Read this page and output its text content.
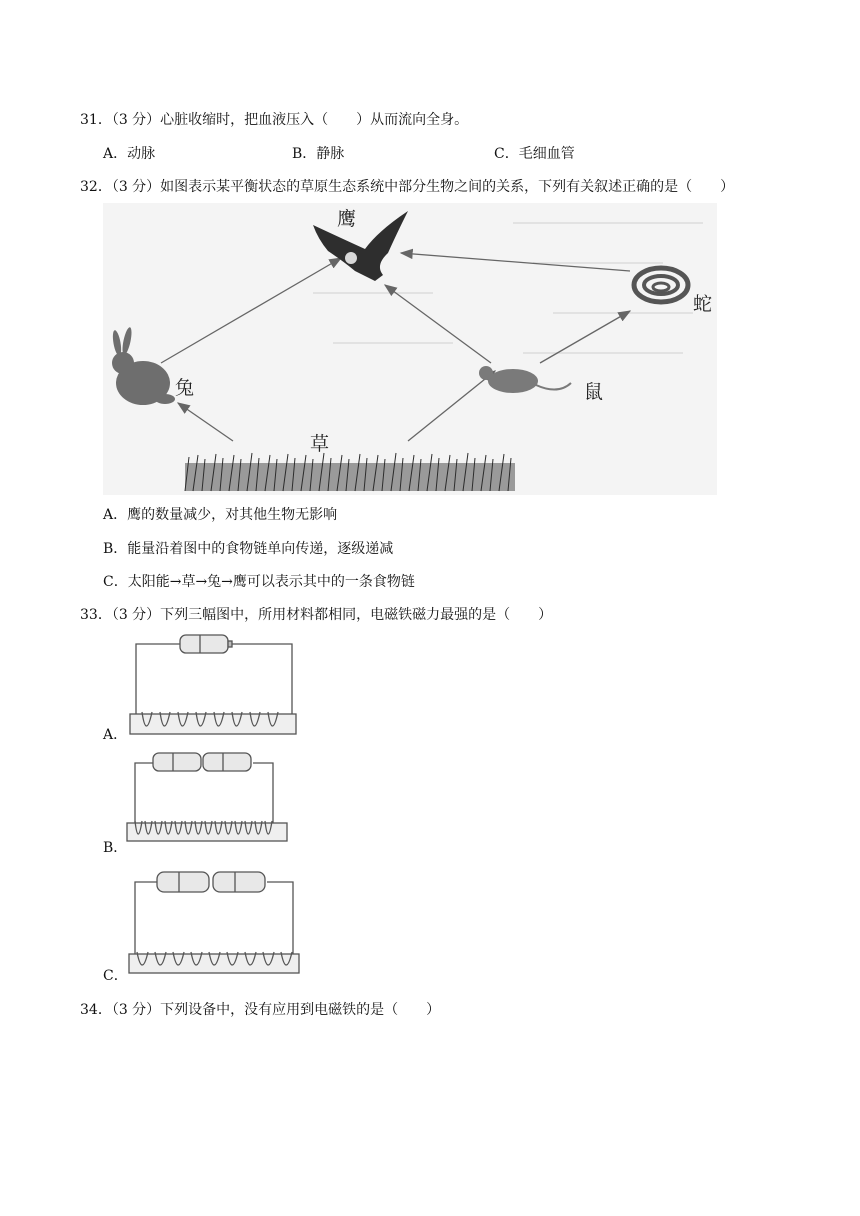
31．（3 分）心脏收缩时，把血液压入（　　）从而流向全身。
A．动脉	B．静脉	C．毛细血管
32．（3 分）如图表示某平衡状态的草原生态系统中部分生物之间的关系，下列有关叙述正确的是（　　）
鹰
蛇
兔	鼠
草
A．鹰的数量减少，对其他生物无影响
B．能量沿着图中的食物链单向传递，逐级递减
C．太阳能→草→兔→鹰可以表示其中的一条食物链
33．（3 分）下列三幅图中，所用材料都相同，电磁铁磁力最强的是（　　）
A．
B．
C．
34．（3 分）下列设备中，没有应用到电磁铁的是（　　）
